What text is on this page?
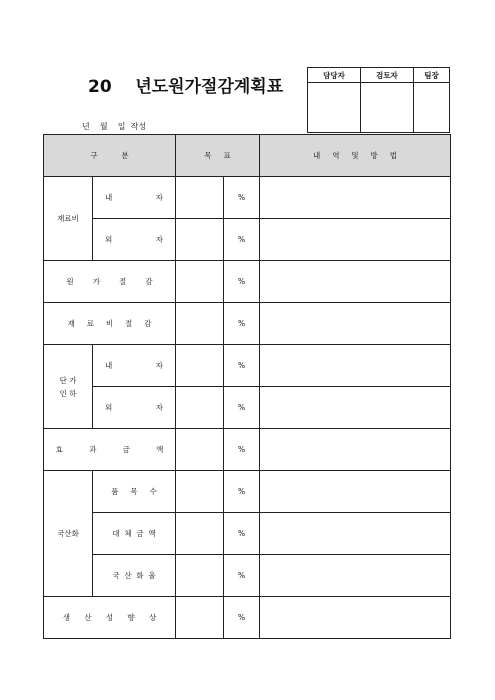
20    년도원가절감계획표
년    월    일  작성
담당자	검토자	팀장

구          분		목     표		내     역     및     방     법
재료비	내 자		%	

	외 자		%	
원        가        절        감			%	
재     료     비     절     감			%	
단 가
인 하	내 자		%	

	외 자		%	
효           과           금           액			%	
국산화	품     목     수		%	
	대  체  금  액		%	
	국  산  화  율		%	
생      산      성      향      상			%	
